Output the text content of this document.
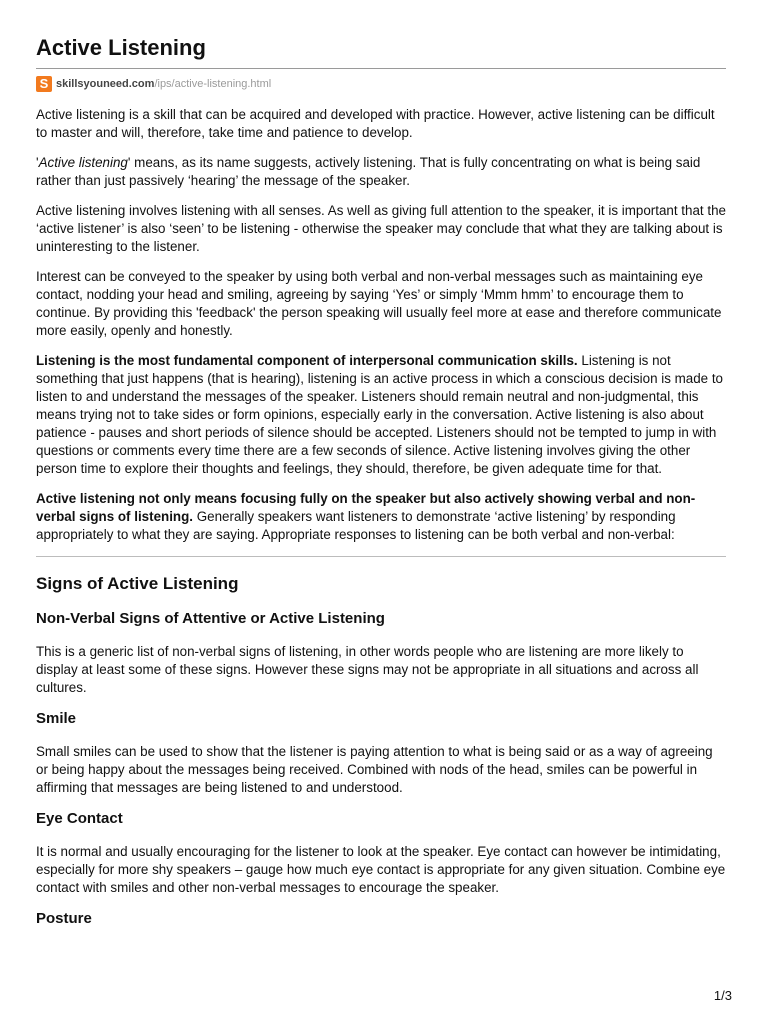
Active Listening
S skillsyouneed.com/ips/active-listening.html

Active listening is a skill that can be acquired and developed with practice. However, active listening can be difficult to master and will, therefore, take time and patience to develop.

'Active listening' means, as its name suggests, actively listening. That is fully concentrating on what is being said rather than just passively ‘hearing’ the message of the speaker.

Active listening involves listening with all senses. As well as giving full attention to the speaker, it is important that the ‘active listener’ is also ‘seen’ to be listening - otherwise the speaker may conclude that what they are talking about is uninteresting to the listener.

Interest can be conveyed to the speaker by using both verbal and non-verbal messages such as maintaining eye contact, nodding your head and smiling, agreeing by saying ‘Yes’ or simply ‘Mmm hmm’ to encourage them to continue. By providing this 'feedback' the person speaking will usually feel more at ease and therefore communicate more easily, openly and honestly.

Listening is the most fundamental component of interpersonal communication skills. Listening is not something that just happens (that is hearing), listening is an active process in which a conscious decision is made to listen to and understand the messages of the speaker. Listeners should remain neutral and non-judgmental, this means trying not to take sides or form opinions, especially early in the conversation. Active listening is also about patience - pauses and short periods of silence should be accepted. Listeners should not be tempted to jump in with questions or comments every time there are a few seconds of silence. Active listening involves giving the other person time to explore their thoughts and feelings, they should, therefore, be given adequate time for that.

Active listening not only means focusing fully on the speaker but also actively showing verbal and non-verbal signs of listening. Generally speakers want listeners to demonstrate ‘active listening’ by responding appropriately to what they are saying. Appropriate responses to listening can be both verbal and non-verbal:

Signs of Active Listening
Non-Verbal Signs of Attentive or Active Listening

This is a generic list of non-verbal signs of listening, in other words people who are listening are more likely to display at least some of these signs. However these signs may not be appropriate in all situations and across all cultures.

Smile

Small smiles can be used to show that the listener is paying attention to what is being said or as a way of agreeing or being happy about the messages being received. Combined with nods of the head, smiles can be powerful in affirming that messages are being listened to and understood.

Eye Contact

It is normal and usually encouraging for the listener to look at the speaker. Eye contact can however be intimidating, especially for more shy speakers – gauge how much eye contact is appropriate for any given situation. Combine eye contact with smiles and other non-verbal messages to encourage the speaker.

Posture
1/3
